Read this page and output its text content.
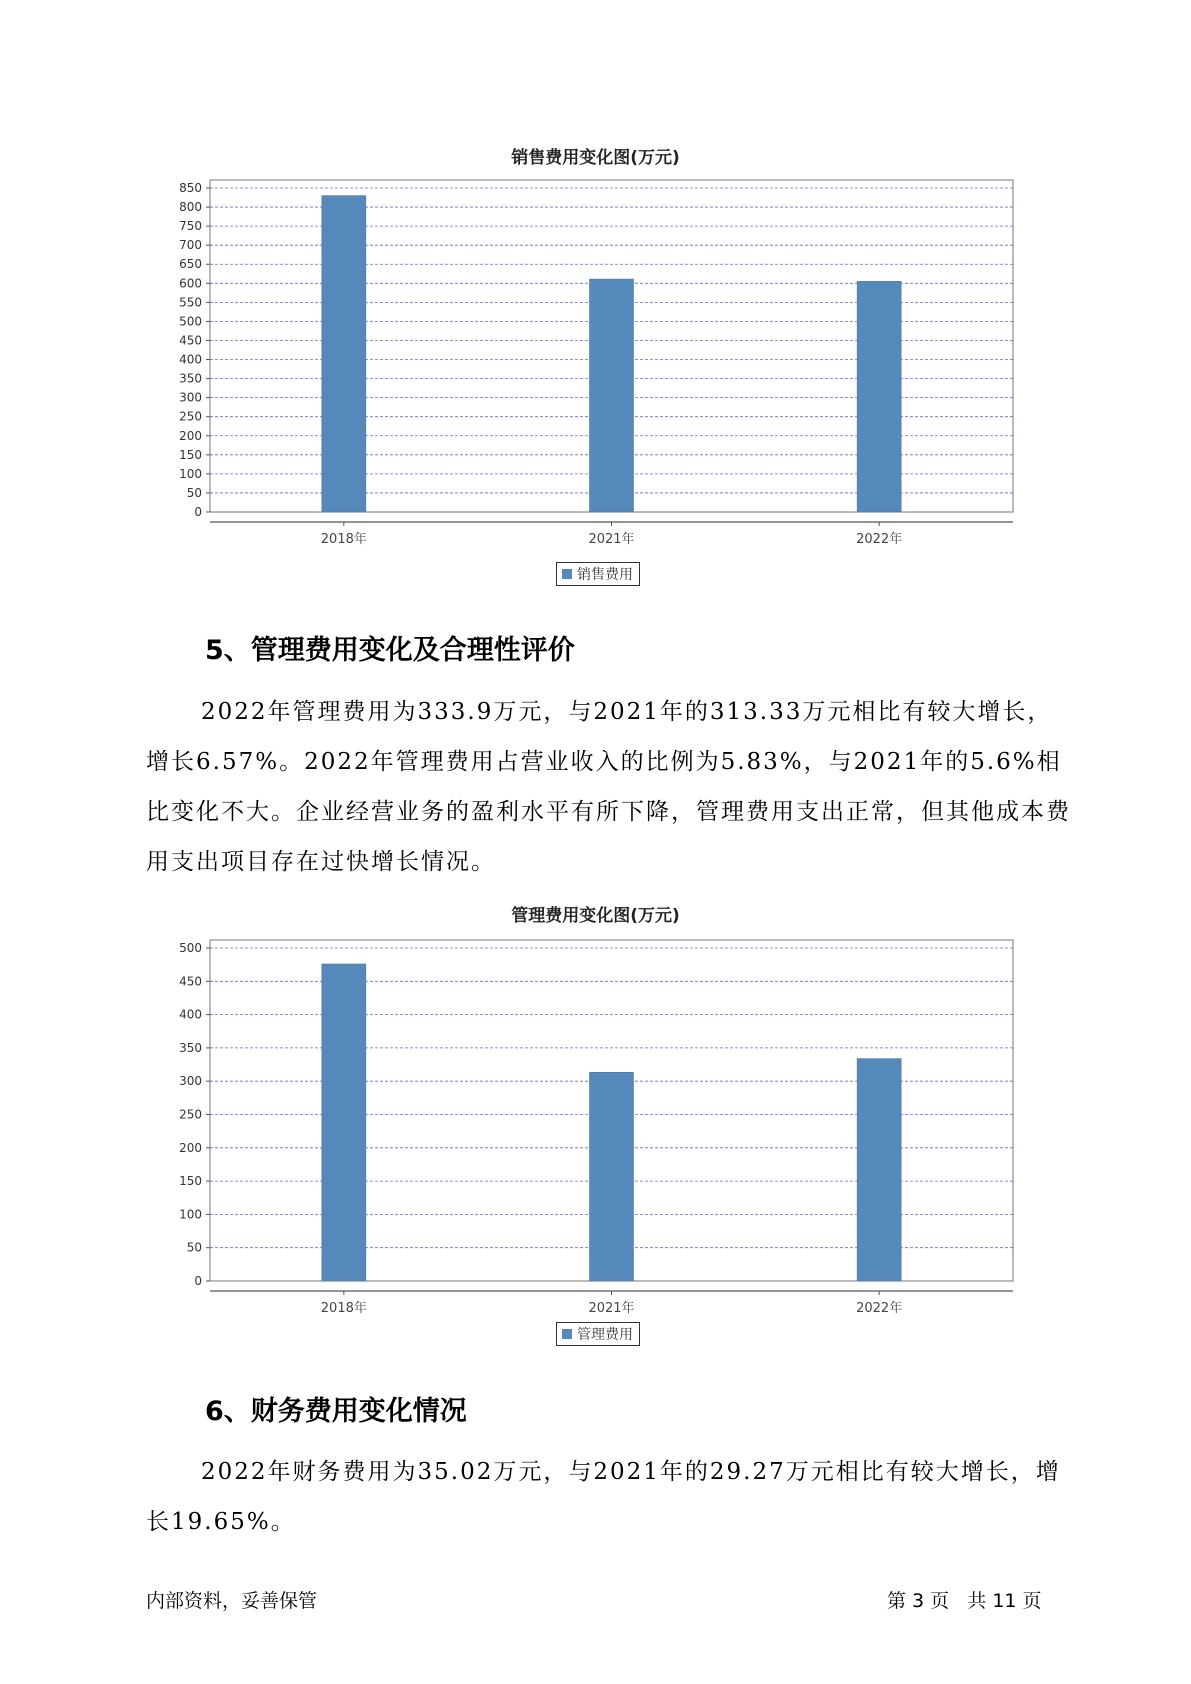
销售费用变化图(万元)
0
50
100
150
200
250
300
350
400
450
500
550
600
650
700
750
800
850
2018年	2021年	2022年
销售费用
5、管理费用变化及合理性评价

2022年管理费用为333.9万元，与2021年的313.33万元相比有较大增长，增长6.57%。2022年管理费用占营业收入的比例为5.83%，与2021年的5.6%相比变化不大。企业经营业务的盈利水平有所下降，管理费用支出正常，但其他成本费用支出项目存在过快增长情况。

管理费用变化图(万元)
0
50
100
150
200
250
300
350
400
450
500
2018年	2021年	2022年
管理费用
6、财务费用变化情况

2022年财务费用为35.02万元，与2021年的29.27万元相比有较大增长，增长19.65%。

内部资料，妥善保管	第 3 页   共 11 页
